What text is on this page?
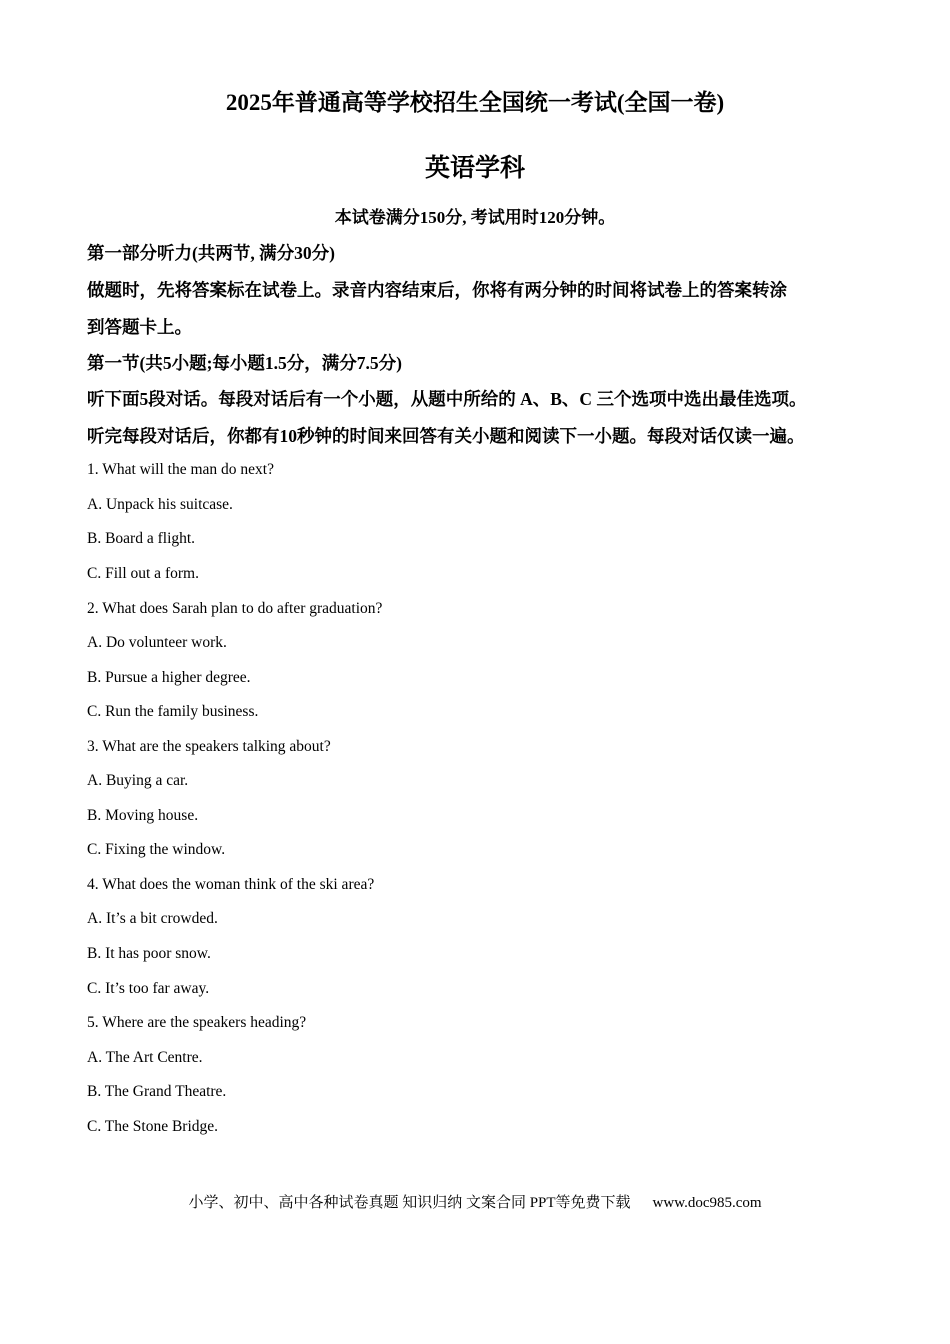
2025年普通高等学校招生全国统一考试(全国一卷)
英语学科
本试卷满分150分, 考试用时120分钟。
第一部分听力(共两节, 满分30分)
做题时，先将答案标在试卷上。录音内容结束后，你将有两分钟的时间将试卷上的答案转涂
到答题卡上。
第一节(共5小题;每小题1.5分，满分7.5分)
听下面5段对话。每段对话后有一个小题，从题中所给的 A、B、C 三个选项中选出最佳选项。
听完每段对话后，你都有10秒钟的时间来回答有关小题和阅读下一小题。每段对话仅读一遍。
1. What will the man do next?
A. Unpack his suitcase.
B. Board a flight.
C. Fill out a form.
2. What does Sarah plan to do after graduation?
A. Do volunteer work.
B. Pursue a higher degree.
C. Run the family business.
3. What are the speakers talking about?
A. Buying a car.
B. Moving house.
C. Fixing the window.
4. What does the woman think of the ski area?
A. It’s a bit crowded.
B. It has poor snow.
C. It’s too far away.
5. Where are the speakers heading?
A. The Art Centre.
B. The Grand Theatre.
C. The Stone Bridge.
小学、初中、高中各种试卷真题 知识归纳 文案合同 PPT等免费下载 www.doc985.com
